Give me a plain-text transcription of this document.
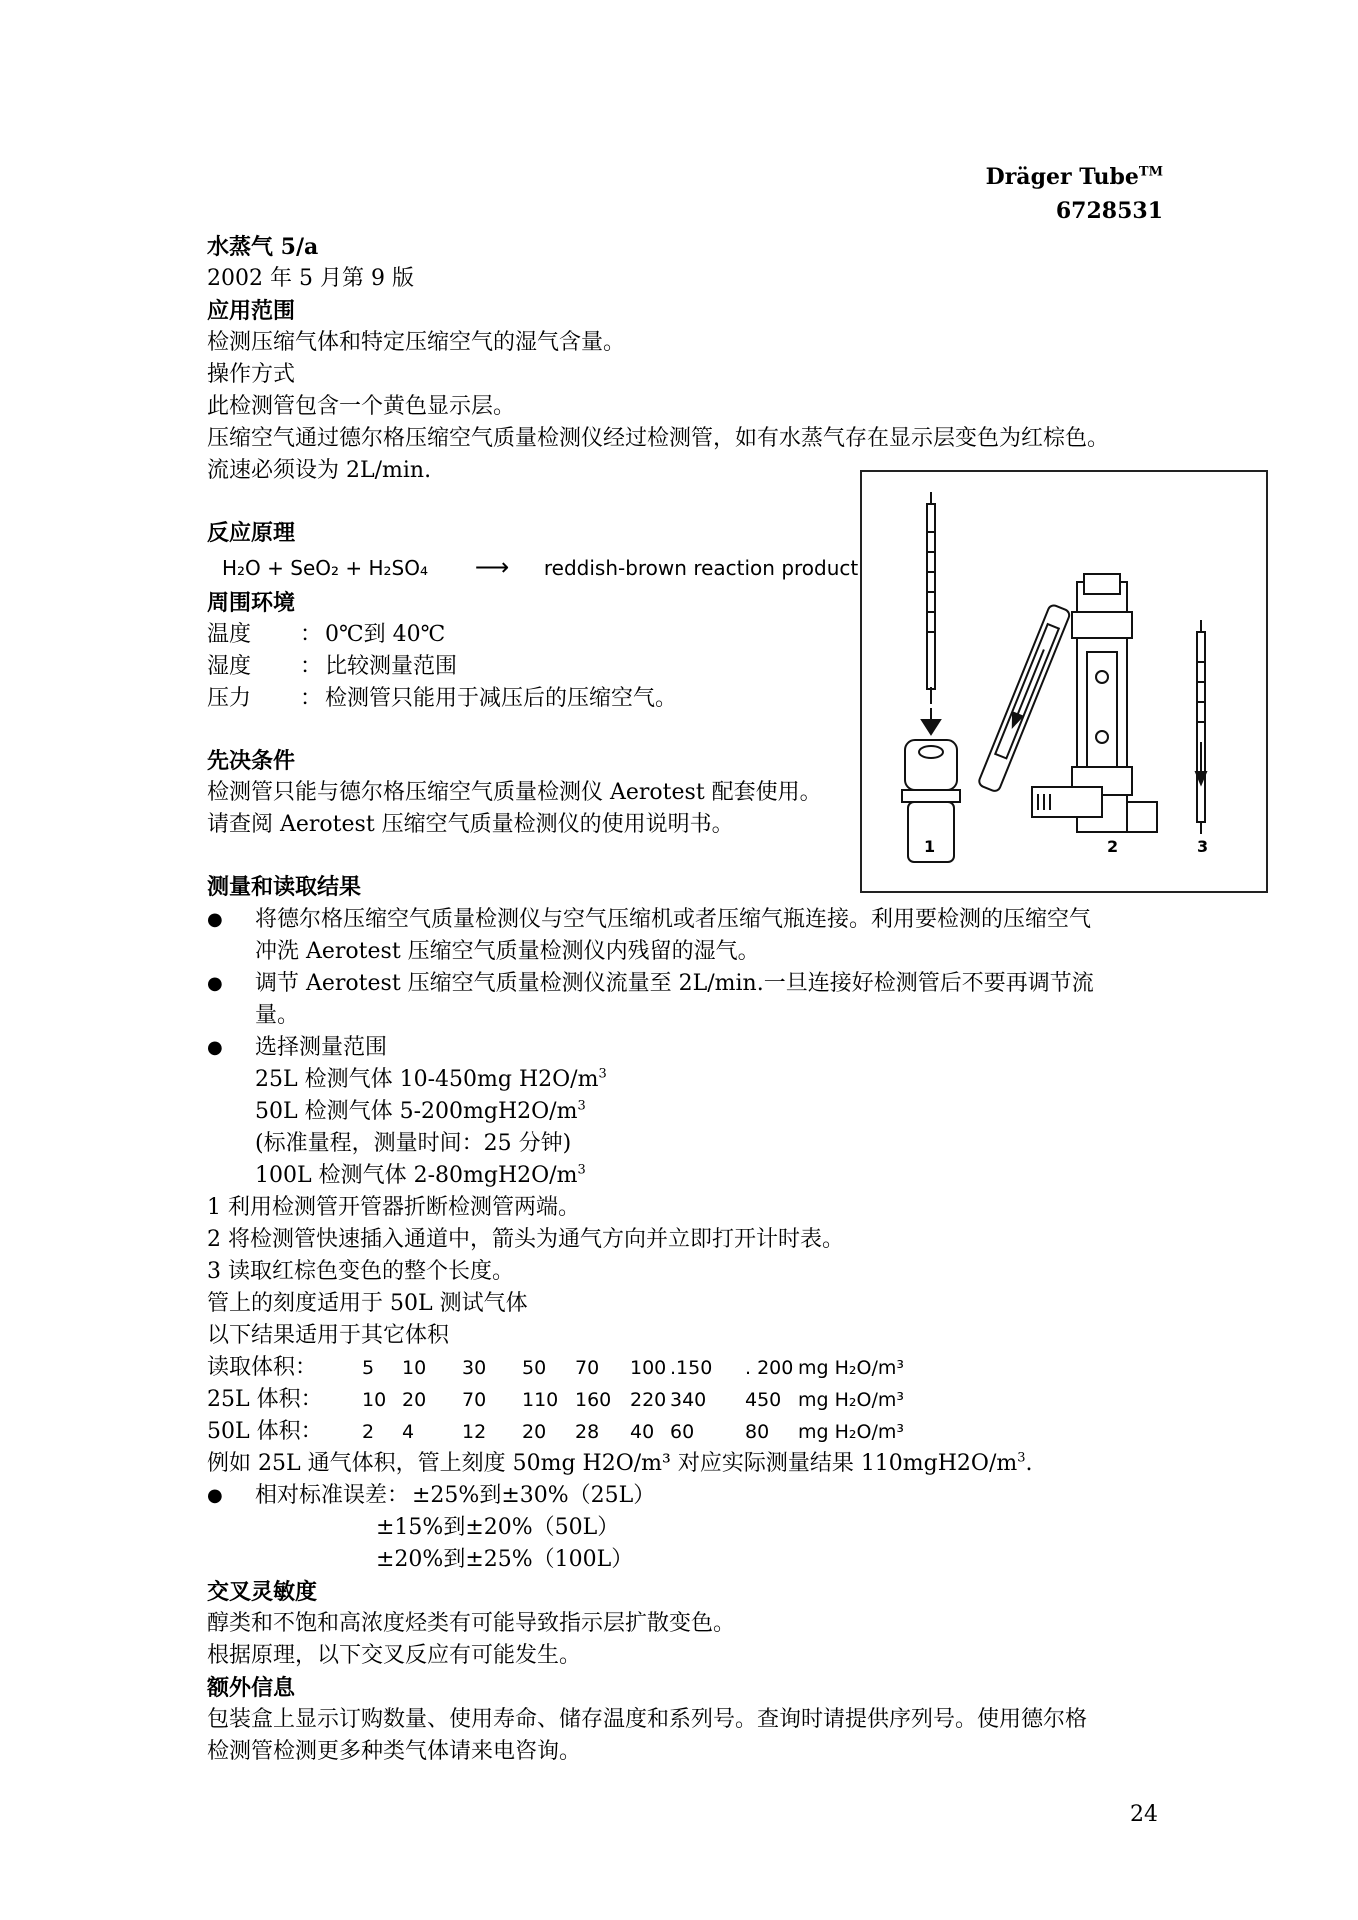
Dräger Tube™
6728531
水蒸气 5/a
2002 年 5 月第 9 版
应用范围
检测压缩气体和特定压缩空气的湿气含量。
操作方式
此检测管包含一个黄色显示层。
压缩空气通过德尔格压缩空气质量检测仪经过检测管，如有水蒸气存在显示层变色为红棕色。
流速必须设为 2L/min.
反应原理
H₂O + SeO₂ + H₂SO₄ ⟶ reddish-brown reaction product
周围环境
温度 ： 0℃到 40℃
湿度 ： 比较测量范围
压力 ： 检测管只能用于减压后的压缩空气。
先决条件
检测管只能与德尔格压缩空气质量检测仪 Aerotest 配套使用。
请查阅 Aerotest 压缩空气质量检测仪的使用说明书。
1	2	3
测量和读取结果
● 将德尔格压缩空气质量检测仪与空气压缩机或者压缩气瓶连接。利用要检测的压缩空气
冲洗 Aerotest 压缩空气质量检测仪内残留的湿气。
● 调节 Aerotest 压缩空气质量检测仪流量至 2L/min.一旦连接好检测管后不要再调节流
量。
● 选择测量范围
25L 检测气体 10-450mg $H2O/m^3$
50L 检测气体 $5-200mgH2O/m^3$
(标准量程，测量时间：25 分钟)
100L 检测气体 $2-80mgH2O/m^3$
1 利用检测管开管器折断检测管两端。
2 将检测管快速插入通道中，箭头为通气方向并立即打开计时表。
3 读取红棕色变色的整个长度。
管上的刻度适用于 50L 测试气体
以下结果适用于其它体积
读取体积： 5 10 30 50 70 100 .150 . 200 mg H₂O/m³
25L 体积： 10 20 70 110 160 220 340 450 mg H₂O/m³
50L 体积： 2 4	12 20 28 40 60	80 mg H₂O/m³
例如 25L 通气体积，管上刻度 50mg H2O/m³ 对应实际测量结果 $110mgH2O/m^3$.
● 相对标准误差： ±25%到±30%（25L）
±15%到±20%（50L）
±20%到±25%（100L）
交叉灵敏度
醇类和不饱和高浓度烃类有可能导致指示层扩散变色。
根据原理，以下交叉反应有可能发生。
额外信息
包装盒上显示订购数量、使用寿命、储存温度和系列号。查询时请提供序列号。使用德尔格
检测管检测更多种类气体请来电咨询。
24
